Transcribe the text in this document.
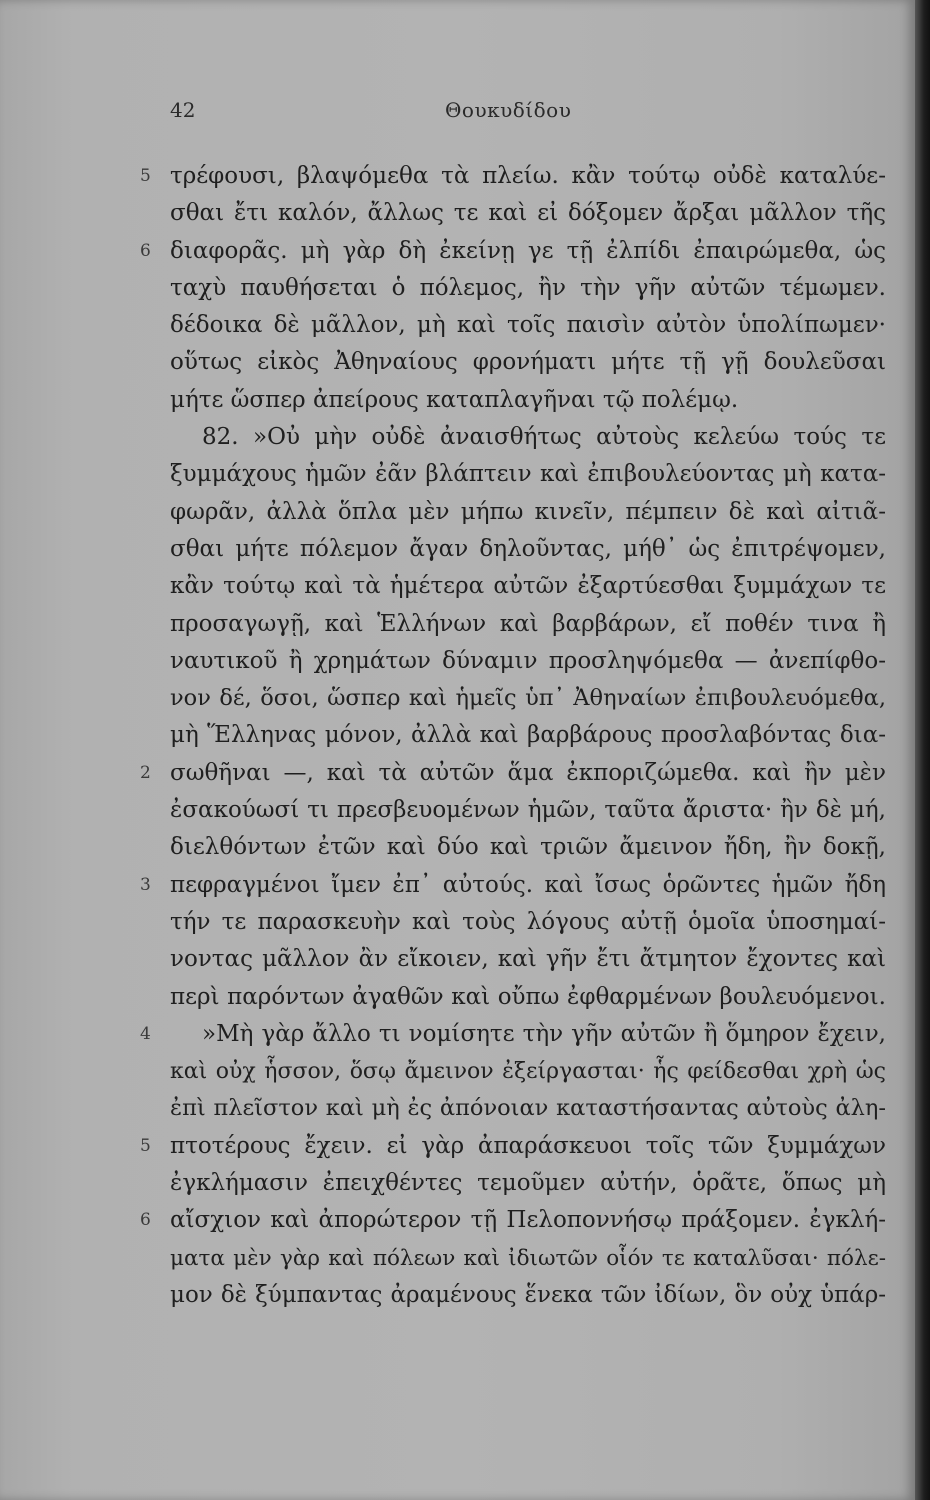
42	Θουκυδίδου
5 τρέφουσι, βλαψόμεθα τὰ πλείω. κἂν τούτῳ οὐδὲ καταλύε-
σθαι ἔτι καλόν, ἄλλως τε καὶ εἰ δόξομεν ἄρξαι μᾶλλον τῆς
6 διαφορᾶς. μὴ γὰρ δὴ ἐκείνῃ γε τῇ ἐλπίδι ἐπαιρώμεθα, ὡς
ταχὺ παυθήσεται ὁ πόλεμος, ἢν τὴν γῆν αὐτῶν τέμωμεν.
δέδοικα δὲ μᾶλλον, μὴ καὶ τοῖς παισὶν αὐτὸν ὑπολίπωμεν·
οὕτως εἰκὸς Ἀθηναίους φρονήματι μήτε τῇ γῇ δουλεῦσαι
μήτε ὥσπερ ἀπείρους καταπλαγῆναι τῷ πολέμῳ.
82. »Οὐ μὴν οὐδὲ ἀναισθήτως αὐτοὺς κελεύω τούς τε
ξυμμάχους ἡμῶν ἐᾶν βλάπτειν καὶ ἐπιβουλεύοντας μὴ κατα-
φωρᾶν, ἀλλὰ ὅπλα μὲν μήπω κινεῖν, πέμπειν δὲ καὶ αἰτιᾶ-
σθαι μήτε πόλεμον ἄγαν δηλοῦντας, μήθ᾽ ὡς ἐπιτρέψομεν,
κἂν τούτῳ καὶ τὰ ἡμέτερα αὐτῶν ἐξαρτύεσθαι ξυμμάχων τε
προσαγωγῇ, καὶ Ἑλλήνων καὶ βαρβάρων, εἴ ποθέν τινα ἢ
ναυτικοῦ ἢ χρημάτων δύναμιν προσληψόμεθα — ἀνεπίφθο-
νον δέ, ὅσοι, ὥσπερ καὶ ἡμεῖς ὑπ᾽ Ἀθηναίων ἐπιβουλευόμεθα,
μὴ Ἕλληνας μόνον, ἀλλὰ καὶ βαρβάρους προσλαβόντας δια-
2 σωθῆναι —, καὶ τὰ αὐτῶν ἅμα ἐκποριζώμεθα. καὶ ἢν μὲν
ἐσακούωσί τι πρεσβευομένων ἡμῶν, ταῦτα ἄριστα· ἢν δὲ μή,
διελθόντων ἐτῶν καὶ δύο καὶ τριῶν ἄμεινον ἤδη, ἢν δοκῇ,
3 πεφραγμένοι ἴμεν ἐπ᾽ αὐτούς. καὶ ἴσως ὁρῶντες ἡμῶν ἤδη
τήν τε παρασκευὴν καὶ τοὺς λόγους αὐτῇ ὁμοῖα ὑποσημαί-
νοντας μᾶλλον ἂν εἴκοιεν, καὶ γῆν ἔτι ἄτμητον ἔχοντες καὶ
περὶ παρόντων ἀγαθῶν καὶ οὔπω ἐφθαρμένων βουλευόμενοι.
4	»Μὴ γὰρ ἄλλο τι νομίσητε τὴν γῆν αὐτῶν ἢ ὅμηρον ἔχειν,
καὶ οὐχ ἧσσον, ὅσῳ ἄμεινον ἐξείργασται· ἧς φείδεσθαι χρὴ ὡς
ἐπὶ πλεῖστον καὶ μὴ ἐς ἀπόνοιαν καταστήσαντας αὐτοὺς ἀλη-
5 πτοτέρους ἔχειν. εἰ γὰρ ἀπαράσκευοι τοῖς τῶν ξυμμάχων
ἐγκλήμασιν ἐπειχθέντες τεμοῦμεν αὐτήν, ὁρᾶτε, ὅπως μὴ
6 αἴσχιον καὶ ἀπορώτερον τῇ Πελοποννήσῳ πράξομεν. ἐγκλή-
ματα μὲν γὰρ καὶ πόλεων καὶ ἰδιωτῶν οἷόν τε καταλῦσαι· πόλε-
μον δὲ ξύμπαντας ἀραμένους ἕνεκα τῶν ἰδίων, ὃν οὐχ ὑπάρ-
